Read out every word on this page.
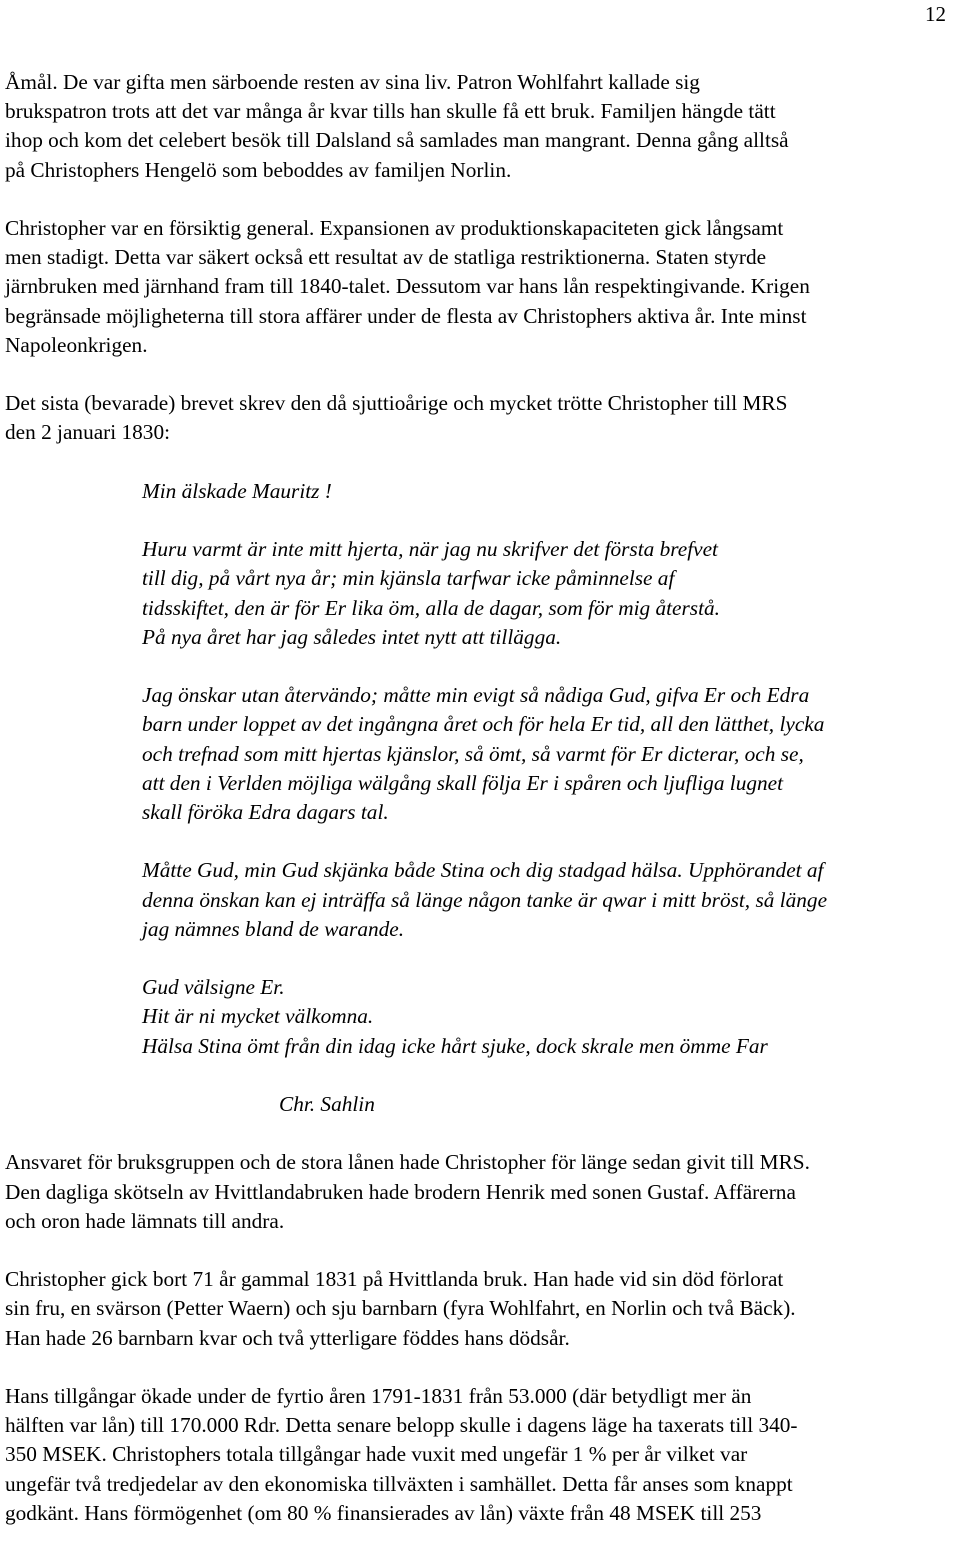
12
Åmål. De var gifta men särboende resten av sina liv. Patron Wohlfahrt kallade sig
brukspatron trots att det var många år kvar tills han skulle få ett bruk. Familjen hängde tätt
ihop och kom det celebert besök till Dalsland så samlades man mangrant. Denna gång alltså
på Christophers Hengelö som beboddes av familjen Norlin.
Christopher var en försiktig general. Expansionen av produktionskapaciteten gick långsamt
men stadigt. Detta var säkert också ett resultat av de statliga restriktionerna. Staten styrde
järnbruken med järnhand fram till 1840-talet. Dessutom var hans lån respektingivande. Krigen
begränsade möjligheterna till stora affärer under de flesta av Christophers aktiva år. Inte minst
Napoleonkrigen.
Det sista (bevarade) brevet skrev den då sjuttioårige och mycket trötte Christopher till MRS
den 2 januari 1830:
Min älskade Mauritz !
Huru varmt är inte mitt hjerta, när jag nu skrifver det första brefvet
till dig, på vårt nya år; min kjänsla tarfwar icke påminnelse af
tidsskiftet, den är för Er lika öm, alla de dagar, som för mig återstå.
På nya året har jag således intet nytt att tillägga.
Jag önskar utan återvändo; måtte min evigt så nådiga Gud, gifva Er och Edra
barn under loppet av det ingångna året och för hela Er tid, all den lätthet, lycka
och trefnad som mitt hjertas kjänslor, så ömt, så varmt för Er dicterar, och se,
att den i Verlden möjliga wälgång skall följa Er i spåren och ljufliga lugnet
skall föröka Edra dagars tal.
Måtte Gud, min Gud skjänka både Stina och dig stadgad hälsa. Upphörandet af
denna önskan kan ej inträffa så länge någon tanke är qwar i mitt bröst, så länge
jag nämnes bland de warande.
Gud välsigne Er.
Hit är ni mycket välkomna.
Hälsa Stina ömt från din idag icke hårt sjuke, dock skrale men ömme Far
Chr. Sahlin
Ansvaret för bruksgruppen och de stora lånen hade Christopher för länge sedan givit till MRS.
Den dagliga skötseln av Hvittlandabruken hade brodern Henrik med sonen Gustaf. Affärerna
och oron hade lämnats till andra.
Christopher gick bort 71 år gammal 1831 på Hvittlanda bruk. Han hade vid sin död förlorat
sin fru, en svärson (Petter Waern) och sju barnbarn (fyra Wohlfahrt, en Norlin och två Bäck).
Han hade 26 barnbarn kvar och två ytterligare föddes hans dödsår.
Hans tillgångar ökade under de fyrtio åren 1791-1831 från 53.000 (där betydligt mer än
hälften var lån) till 170.000 Rdr. Detta senare belopp skulle i dagens läge ha taxerats till 340-
350 MSEK. Christophers totala tillgångar hade vuxit med ungefär 1 % per år vilket var
ungefär två tredjedelar av den ekonomiska tillväxten i samhället. Detta får anses som knappt
godkänt. Hans förmögenhet (om 80 % finansierades av lån) växte från 48 MSEK till 253
